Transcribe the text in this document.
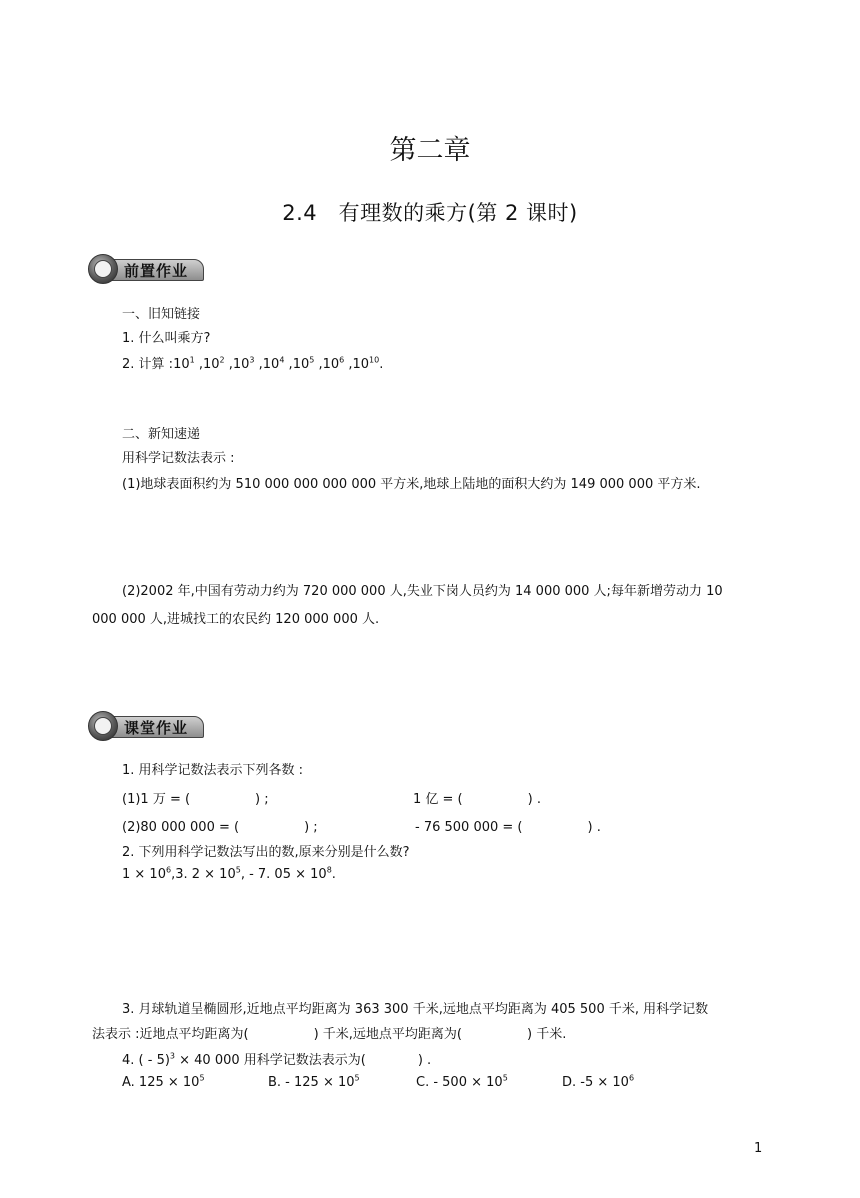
第二章
2.4　有理数的乘方(第 2 课时)
前置作业
一、旧知链接
1. 什么叫乘方?
2. 计算 $:10^1$ $,10^2$ $,10^3$ $,10^4$ $,10^5$ $,10^6$ $,10^{10}$.
二、新知速递
用科学记数法表示 :
(1)地球表面积约为 510 000 000 000 000 平方米,地球上陆地的面积大约为 149 000 000 平方米.
(2)2002 年,中国有劳动力约为 720 000 000 人,失业下岗人员约为 14 000 000 人;每年新增劳动力 10
000 000 人,进城找工的农民约 120 000 000 人.
课堂作业
1. 用科学记数法表示下列各数 :
(1)1 万 = (　　　　　) ;	1 亿 = (　　　　　) .
(2)80 000 000 = (　　　　　) ;	- 76 500 000 = (　　　　　) .
2. 下列用科学记数法写出的数,原来分别是什么数?
$1 \times 10^6,3$. $2 \times 10^5$, - 7. $05 \times 10^8$.
3. 月球轨道呈椭圆形,近地点平均距离为 363 300 千米,远地点平均距离为 405 500 千米, 用科学记数
法表示 :近地点平均距离为(　　　　　) 千米,远地点平均距离为(　　　　　) 千米.
4. ( - 5)$^3$ × 40 000 用科学记数法表示为(　　　　) .
A. $125 \times 10^5$	B. - $125 \times 10^5$	C. - $500 \times 10^5$	D. $-5 \times 10^6$
1
